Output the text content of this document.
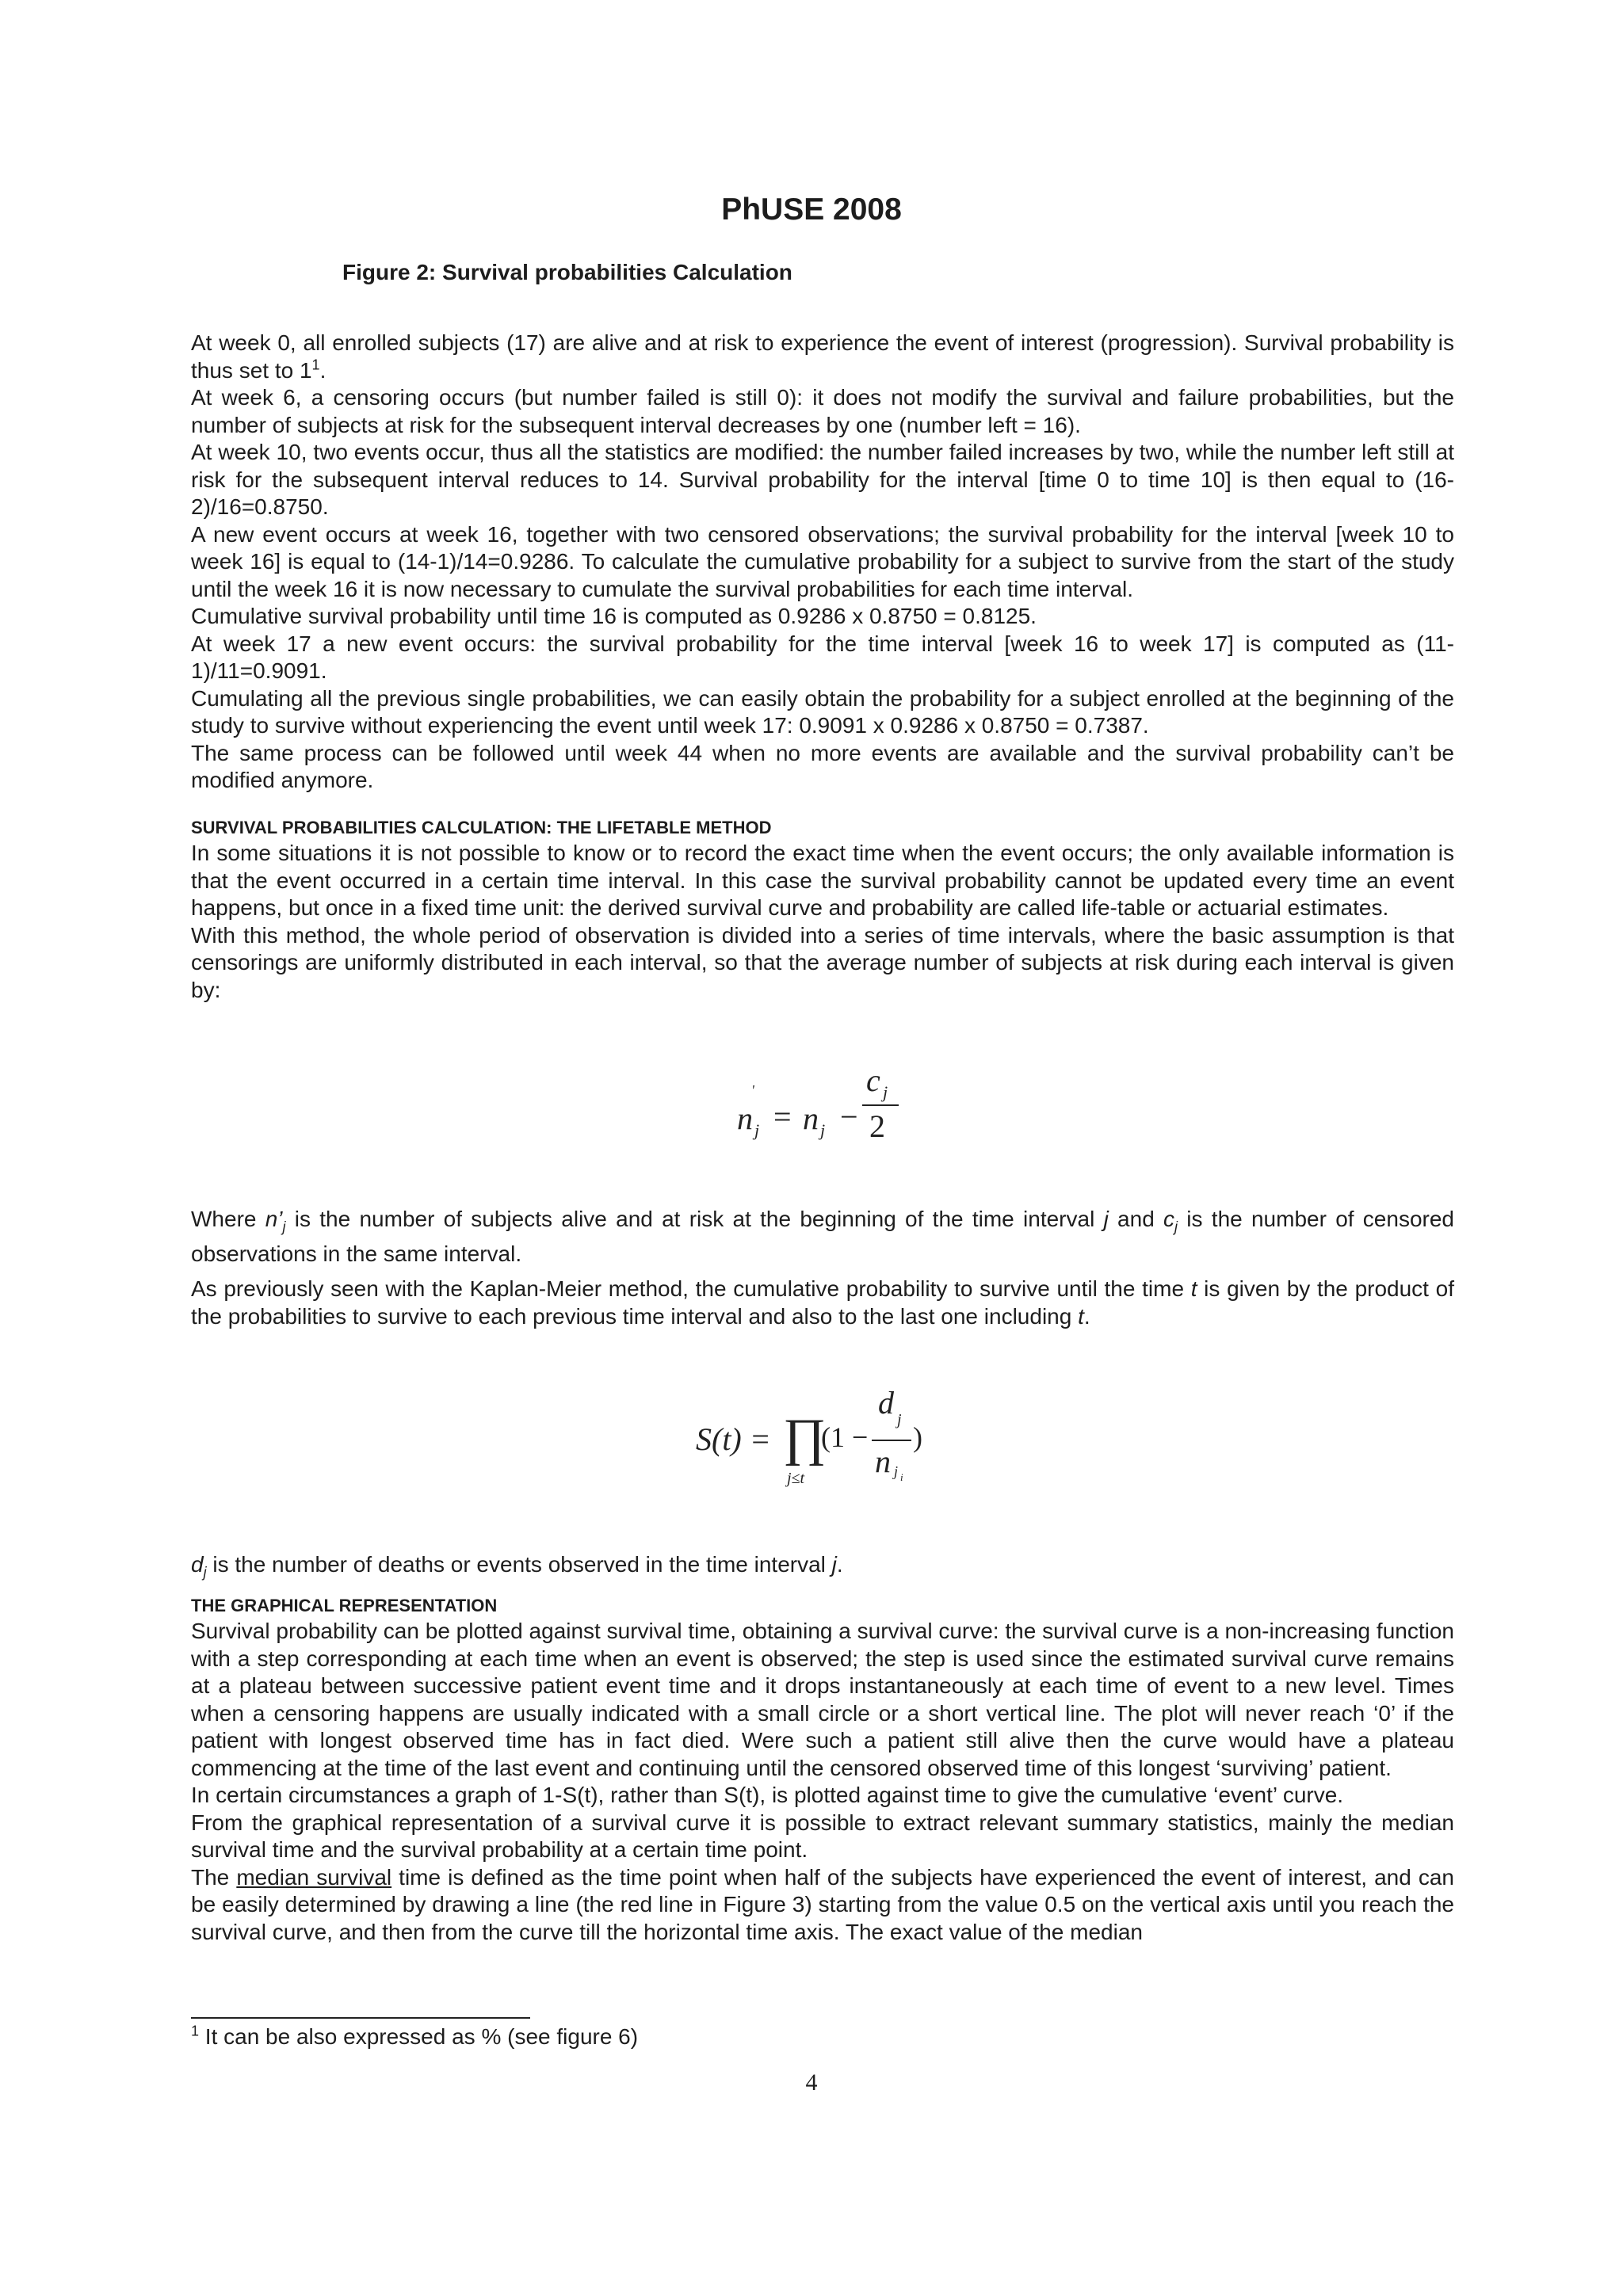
PhUSE 2008
Figure 2: Survival probabilities Calculation

At week 0, all enrolled subjects (17) are alive and at risk to experience the event of interest (progression). Survival probability is thus set to $1^1$.

At week 6, a censoring occurs (but number failed is still 0): it does not modify the survival and failure probabilities, but the number of subjects at risk for the subsequent interval decreases by one (number left = 16).

At week 10, two events occur, thus all the statistics are modified: the number failed increases by two, while the number left still at risk for the subsequent interval reduces to 14. Survival probability for the interval [time 0 to time 10] is then equal to (16-2)/16=0.8750.

A new event occurs at week 16, together with two censored observations; the survival probability for the interval [week 10 to week 16] is equal to (14-1)/14=0.9286. To calculate the cumulative probability for a subject to survive from the start of the study until the week 16 it is now necessary to cumulate the survival probabilities for each time interval.

Cumulative survival probability until time 16 is computed as 0.9286 x 0.8750 = 0.8125.

At week 17 a new event occurs: the survival probability for the time interval [week 16 to week 17] is computed as (11-1)/11=0.9091.

Cumulating all the previous single probabilities, we can easily obtain the probability for a subject enrolled at the beginning of the study to survive without experiencing the event until week 17: 0.9091 x 0.9286 x 0.8750 = 0.7387.

The same process can be followed until week 44 when no more events are available and the survival probability can’t be modified anymore.

SURVIVAL PROBABILITIES CALCULATION: THE LIFETABLE METHOD

In some situations it is not possible to know or to record the exact time when the event occurs; the only available information is that the event occurred in a certain time interval. In this case the survival probability cannot be updated every time an event happens, but once in a fixed time unit: the derived survival curve and probability are called life-table or actuarial estimates.

With this method, the whole period of observation is divided into a series of time intervals, where the basic assumption is that censorings are uniformly distributed in each interval, so that the average number of subjects at risk during each interval is given by:

n
'
j = n j −
c j
2

Where $n’_j$ is the number of subjects alive and at risk at the beginning of the time interval j and $c_j$ is the number of censored observations in the same interval.

As previously seen with the Kaplan-Meier method, the cumulative probability to survive until the time t is given by the product of the probabilities to survive to each previous time interval and also to the last one including t.

S(t) = ∏
j≤t
(1 −
d j
n j i
)

$d_j$ is the number of deaths or events observed in the time interval j.

THE GRAPHICAL REPRESENTATION

Survival probability can be plotted against survival time, obtaining a survival curve: the survival curve is a non-increasing function with a step corresponding at each time when an event is observed; the step is used since the estimated survival curve remains at a plateau between successive patient event time and it drops instantaneously at each time of event to a new level. Times when a censoring happens are usually indicated with a small circle or a short vertical line. The plot will never reach ‘0’ if the patient with longest observed time has in fact died. Were such a patient still alive then the curve would have a plateau commencing at the time of the last event and continuing until the censored observed time of this longest ‘surviving’ patient.

In certain circumstances a graph of 1-S(t), rather than S(t), is plotted against time to give the cumulative ‘event’ curve.

From the graphical representation of a survival curve it is possible to extract relevant summary statistics, mainly the median survival time and the survival probability at a certain time point.

The median survival time is defined as the time point when half of the subjects have experienced the event of interest, and can be easily determined by drawing a line (the red line in Figure 3) starting from the value 0.5 on the vertical axis until you reach the survival curve, and then from the curve till the horizontal time axis. The exact value of the median

$^1$ It can be also expressed as % (see figure 6)
4
